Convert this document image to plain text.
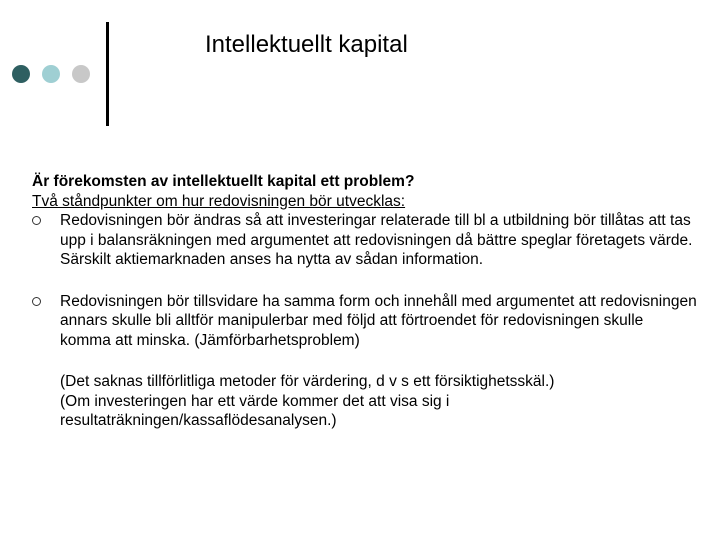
Intellektuellt kapital

Är förekomsten av intellektuellt kapital ett problem?

Två ståndpunkter om hur redovisningen bör utvecklas:

Redovisningen bör ändras så att investeringar relaterade till bl a utbildning bör tillåtas att tas upp i balansräkningen med argumentet att redovisningen då bättre speglar företagets värde. Särskilt aktiemarknaden anses ha nytta av sådan information.
Redovisningen bör tillsvidare ha samma form och innehåll med argumentet att redovisningen annars skulle bli alltför manipulerbar med följd att förtroendet för redovisningen skulle komma att minska. (Jämförbarhetsproblem)
(Det saknas tillförlitliga metoder för värdering, d v s ett försiktighetsskäl.)
(Om investeringen har ett värde kommer det att visa sig i resultaträkningen/kassaflödesanalysen.)
